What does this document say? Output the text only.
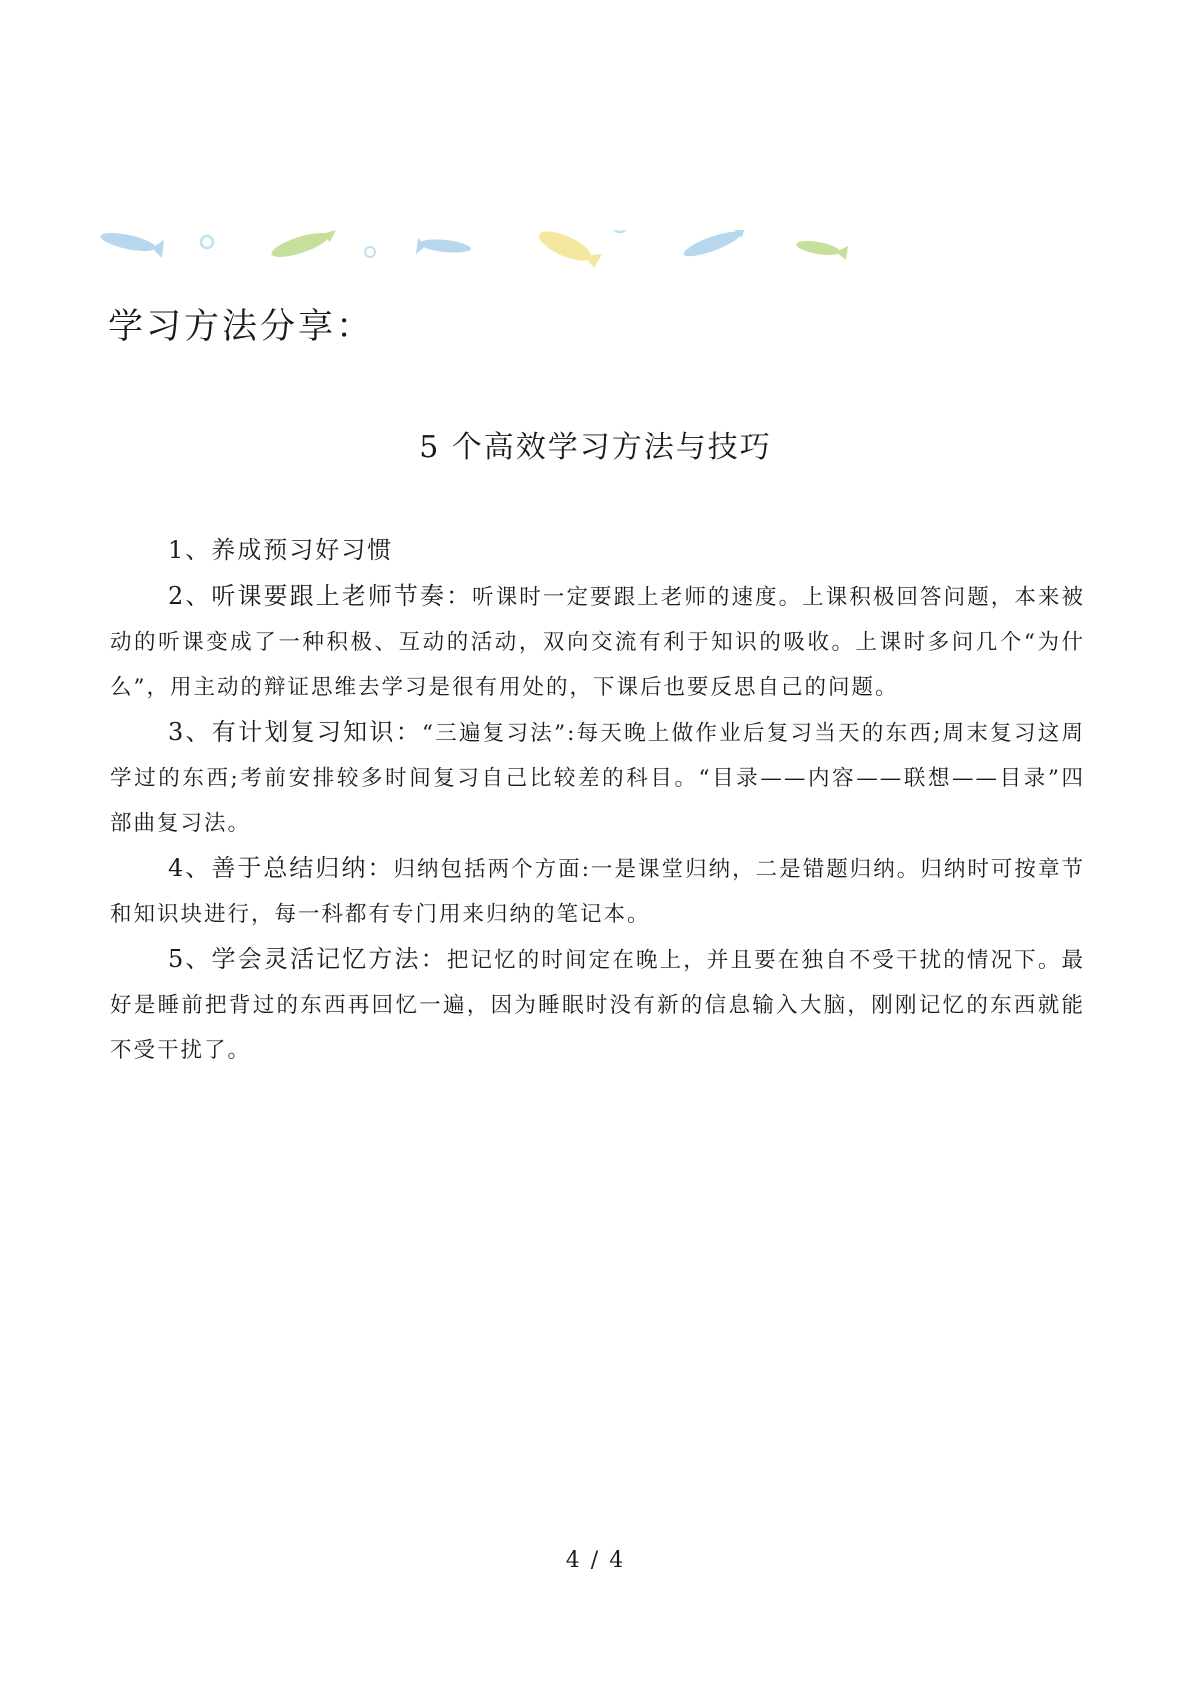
学习方法分享：
5 个高效学习方法与技巧

1、养成预习好习惯

2、听课要跟上老师节奏：听课时一定要跟上老师的速度。上课积极回答问题，本来被动的听课变成了一种积极、互动的活动，双向交流有利于知识的吸收。上课时多问几个“为什么”，用主动的辩证思维去学习是很有用处的，下课后也要反思自己的问题。

3、有计划复习知识：“三遍复习法”:每天晚上做作业后复习当天的东西;周末复习这周学过的东西;考前安排较多时间复习自己比较差的科目。“目录——内容——联想——目录”四部曲复习法。

4、善于总结归纳：归纳包括两个方面:一是课堂归纳，二是错题归纳。归纳时可按章节和知识块进行，每一科都有专门用来归纳的笔记本。

5、学会灵活记忆方法：把记忆的时间定在晚上，并且要在独自不受干扰的情况下。最好是睡前把背过的东西再回忆一遍，因为睡眠时没有新的信息输入大脑，刚刚记忆的东西就能不受干扰了。

4 / 4
